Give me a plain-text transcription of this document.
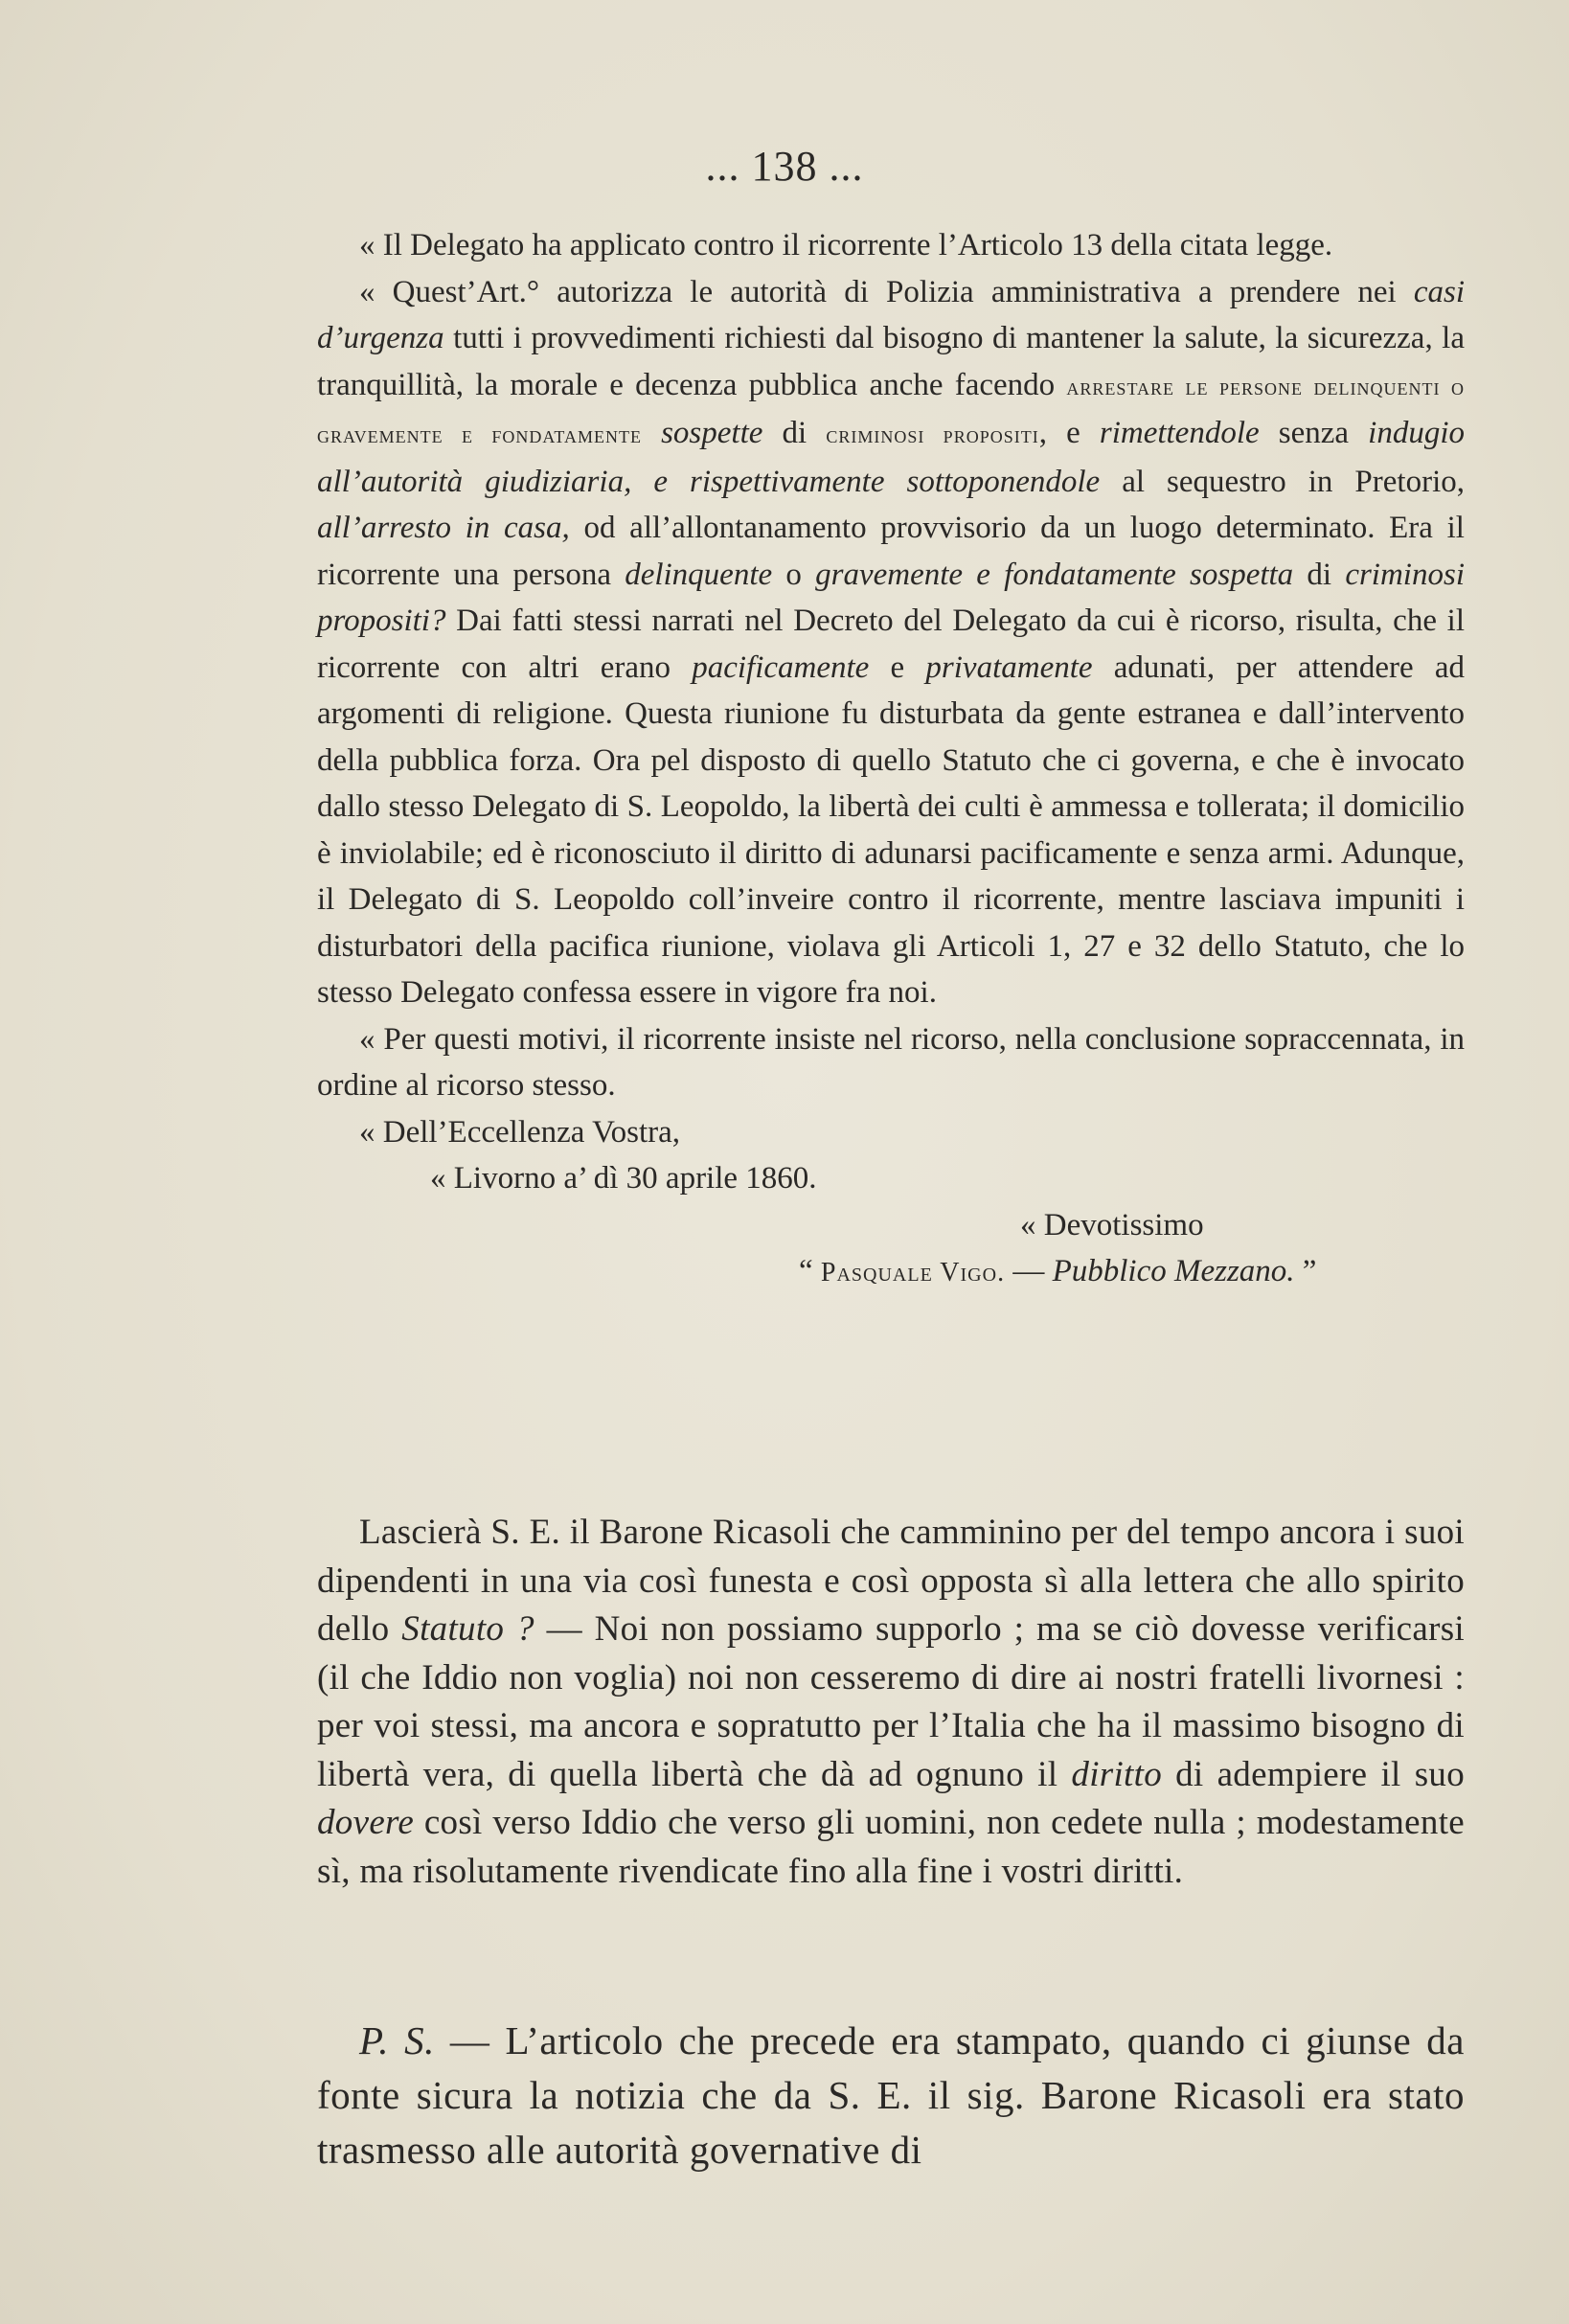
... 138 ...

« Il Delegato ha applicato contro il ricorrente l’Articolo 13 della citata legge.

« Quest’Art.° autorizza le autorità di Polizia amministrativa a prendere nei casi d’urgenza tutti i provvedimenti richiesti dal bisogno di mantener la salute, la sicurezza, la tranquillità, la morale e decenza pubblica anche facendo arrestare le persone delinquenti o gravemente e fondatamente sospette di criminosi propositi, e rimettendole senza indugio all’autorità giudiziaria, e rispettivamente sottoponendole al sequestro in Pretorio, all’arresto in casa, od all’allontanamento provvisorio da un luogo determinato. Era il ricorrente una persona delinquente o gravemente e fondatamente sospetta di criminosi propositi? Dai fatti stessi narrati nel Decreto del Delegato da cui è ricorso, risulta, che il ricorrente con altri erano pacificamente e privatamente adunati, per attendere ad argomenti di religione. Questa riunione fu disturbata da gente estranea e dall’intervento della pubblica forza. Ora pel disposto di quello Statuto che ci governa, e che è invocato dallo stesso Delegato di S. Leopoldo, la libertà dei culti è ammessa e tollerata; il domicilio è inviolabile; ed è riconosciuto il diritto di adunarsi pacificamente e senza armi. Adunque, il Delegato di S. Leopoldo coll’inveire contro il ricorrente, mentre lasciava impuniti i disturbatori della pacifica riunione, violava gli Articoli 1, 27 e 32 dello Statuto, che lo stesso Delegato confessa essere in vigore fra noi.

« Per questi motivi, il ricorrente insiste nel ricorso, nella conclusione sopraccennata, in ordine al ricorso stesso.

« Dell’Eccellenza Vostra,
« Livorno a’ dì 30 aprile 1860.
« Devotissimo
“ Pasquale Vigo. — Pubblico Mezzano. ”

Lascierà S. E. il Barone Ricasoli che camminino per del tempo ancora i suoi dipendenti in una via così funesta e così opposta sì alla lettera che allo spirito dello Statuto ? — Noi non possiamo supporlo ; ma se ciò dovesse verificarsi (il che Iddio non voglia) noi non cesseremo di dire ai nostri fratelli livornesi : per voi stessi, ma ancora e sopratutto per l’Italia che ha il massimo bisogno di libertà vera, di quella libertà che dà ad ognuno il diritto di adempiere il suo dovere così verso Iddio che verso gli uomini, non cedete nulla ; modestamente sì, ma risolutamente rivendicate fino alla fine i vostri diritti.

P. S. — L’articolo che precede era stampato, quando ci giunse da fonte sicura la notizia che da S. E. il sig. Barone Ricasoli era stato trasmesso alle autorità governative di
